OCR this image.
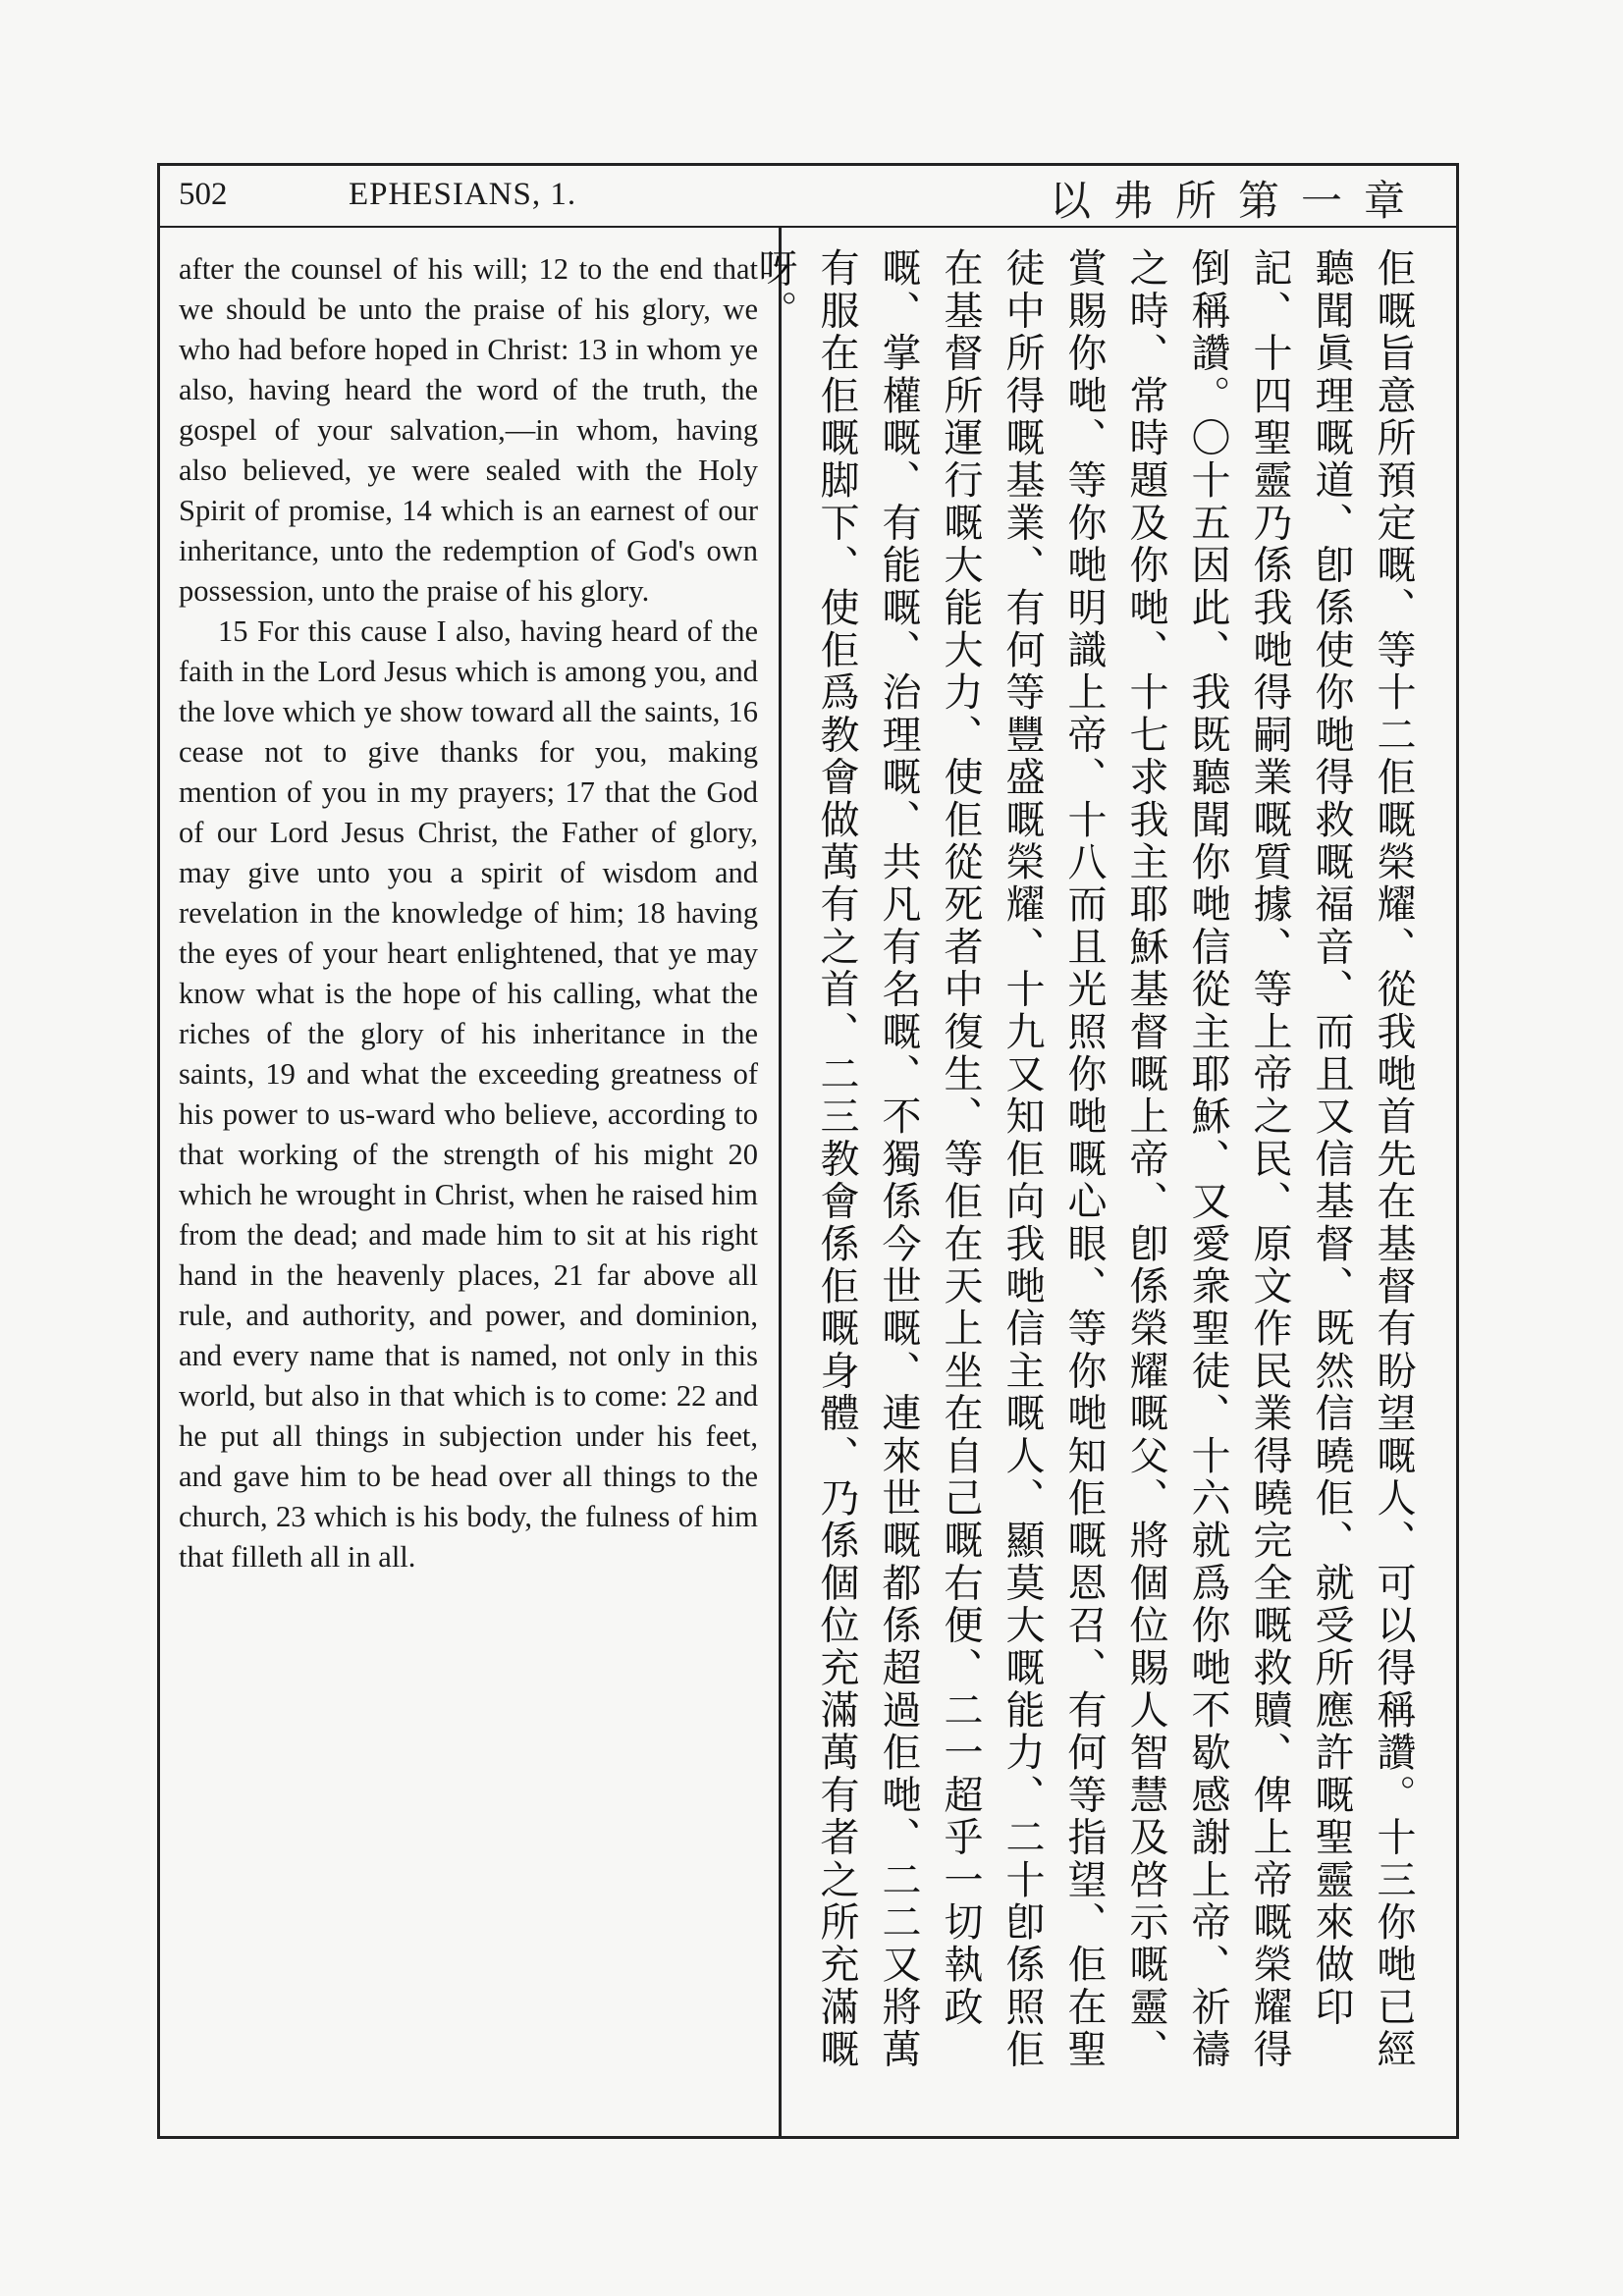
502	EPHESIANS, 1.	以弗所第一章

after the counsel of his will; 12 to the end that we should be unto the praise of his glory, we who had before hoped in Christ: 13 in whom ye also, having heard the word of the truth, the gospel of your salvation,—in whom, having also believed, ye were sealed with the Holy Spirit of promise, 14 which is an earnest of our inheritance, unto the redemption of God's own possession, unto the praise of his glory.

15 For this cause I also, having heard of the faith in the Lord Jesus which is among you, and the love which ye show toward all the saints, 16 cease not to give thanks for you, making mention of you in my prayers; 17 that the God of our Lord Jesus Christ, the Father of glory, may give unto you a spirit of wisdom and revelation in the knowledge of him; 18 having the eyes of your heart enlightened, that ye may know what is the hope of his calling, what the riches of the glory of his inheritance in the saints, 19 and what the exceeding greatness of his power to us-ward who believe, according to that working of the strength of his might 20 which he wrought in Christ, when he raised him from the dead; and made him to sit at his right hand in the heavenly places, 21 far above all rule, and authority, and power, and dominion, and every name that is named, not only in this world, but also in that which is to come: 22 and he put all things in subjection under his feet, and gave him to be head over all things to the church, 23 which is his body, the fulness of him that filleth all in all.	佢嘅旨意所預定嘅、等十二佢嘅榮耀、從我哋首先在基督有盼望嘅人、可以得稱讚。十三你哋已經聽聞眞理嘅道、卽係使你哋得救嘅福音、而且又信基督、既然信曉佢、就受所應許嘅聖靈來做印記、十四聖靈乃係我哋得嗣業嘅質據、等上帝之民、原文作民業得曉完全嘅救贖、俾上帝嘅榮耀得倒稱讚。〇十五因此、我既聽聞你哋信從主耶穌、又愛衆聖徒、十六就爲你哋不歇感謝上帝、祈禱之時、常時題及你哋、十七求我主耶穌基督嘅上帝、卽係榮耀嘅父、將個位賜人智慧及啓示嘅靈、賞賜你哋、等你哋明識上帝、十八而且光照你哋嘅心眼、等你哋知佢嘅恩召、有何等指望、佢在聖徒中所得嘅基業、有何等豐盛嘅榮耀、十九又知佢向我哋信主嘅人、顯莫大嘅能力、二十卽係照佢在基督所運行嘅大能大力、使佢從死者中復生、等佢在天上坐在自己嘅右便、二一超乎一切執政嘅、掌權嘅、有能嘅、治理嘅、共凡有名嘅、不獨係今世嘅、連來世嘅都係超過佢哋、二二又將萬有服在佢嘅脚下、使佢爲教會做萬有之首、二三教會係佢嘅身體、乃係個位充滿萬有者之所充滿嘅呀。
